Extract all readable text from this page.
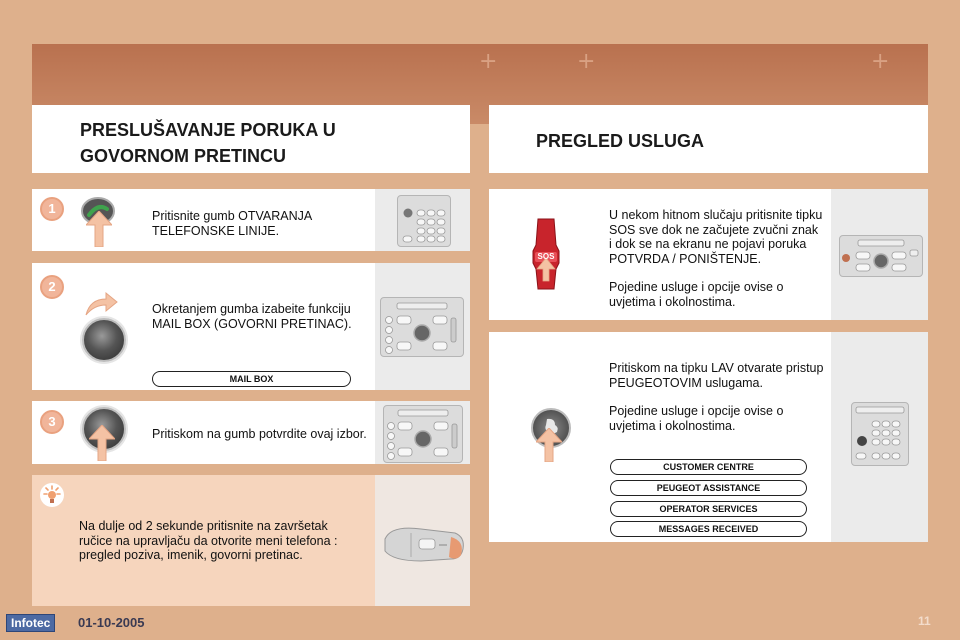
+	+	+
PRESLUŠAVANJE PORUKA U
GOVORNOM PRETINCU
PREGLED USLUGA
1	Pritisnite gumb OTVARANJA
TELEFONSKE LINIJE.
2
Okretanjem gumba izabeite funkciju
MAIL BOX (GOVORNI PRETINAC).
MAIL BOX
3
Pritiskom na gumb potvrdite ovaj izbor.
Na dulje od 2 sekunde pritisnite na završetak
ručice na upravljaču da otvorite meni telefona :
pregled poziva, imenik, govorni pretinac.
SOS
U nekom hitnom slučaju pritisnite tipku
SOS sve dok ne začujete zvučni znak
i dok se na ekranu ne pojavi poruka
POTVRDA / PONIŠTENJE.
Pojedine usluge i opcije ovise o
uvjetima i okolnostima.
Pritiskom na tipku LAV otvarate pristup
PEUGEOTOVIM uslugama.
Pojedine usluge i opcije ovise o
uvjetima i okolnostima.
CUSTOMER CENTRE
PEUGEOT ASSISTANCE
OPERATOR SERVICES
MESSAGES RECEIVED
Infotec	01-10-2005	11
